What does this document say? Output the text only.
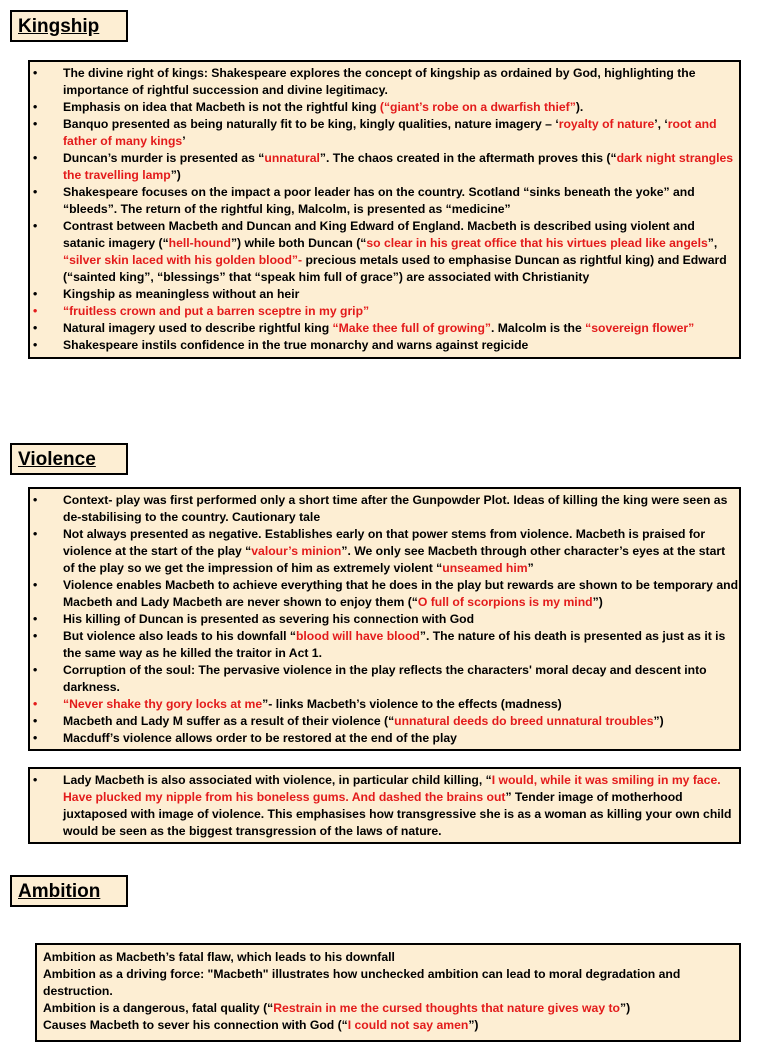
Kingship
• The divine right of kings: Shakespeare explores the concept of kingship as ordained by God, highlighting the importance of rightful succession and divine legitimacy.
• Emphasis on idea that Macbeth is not the rightful king (“giant’s robe on a dwarfish thief”).
• Banquo presented as being naturally fit to be king, kingly qualities, nature imagery – ‘royalty of nature’, ‘root and father of many kings’
• Duncan’s murder is presented as “unnatural”. The chaos created in the aftermath proves this (“dark night strangles the travelling lamp”)
• Shakespeare focuses on the impact a poor leader has on the country. Scotland “sinks beneath the yoke” and “bleeds”. The return of the rightful king, Malcolm, is presented as “medicine”
• Contrast between Macbeth and Duncan and King Edward of England. Macbeth is described using violent and satanic imagery (“hell-hound”) while both Duncan (“so clear in his great office that his virtues plead like angels”, “silver skin laced with his golden blood”- precious metals used to emphasise Duncan as rightful king) and Edward (“sainted king”, “blessings” that “speak him full of grace”) are associated with Christianity
• Kingship as meaningless without an heir
• “fruitless crown and put a barren sceptre in my grip”
• Natural imagery used to describe rightful king “Make thee full of growing”. Malcolm is the “sovereign flower”
• Shakespeare instils confidence in the true monarchy and warns against regicide
Violence
• Context- play was first performed only a short time after the Gunpowder Plot. Ideas of killing the king were seen as de-stabilising to the country. Cautionary tale
• Not always presented as negative. Establishes early on that power stems from violence. Macbeth is praised for violence at the start of the play “valour’s minion”. We only see Macbeth through other character’s eyes at the start of the play so we get the impression of him as extremely violent “unseamed him”
• Violence enables Macbeth to achieve everything that he does in the play but rewards are shown to be temporary and Macbeth and Lady Macbeth are never shown to enjoy them (“O full of scorpions is my mind”)
• His killing of Duncan is presented as severing his connection with God
• But violence also leads to his downfall “blood will have blood”. The nature of his death is presented as just as it is the same way as he killed the traitor in Act 1.
• Corruption of the soul: The pervasive violence in the play reflects the characters' moral decay and descent into darkness.
• “Never shake thy gory locks at me”- links Macbeth’s violence to the effects (madness)
• Macbeth and Lady M suffer as a result of their violence (“unnatural deeds do breed unnatural troubles”)
• Macduff’s violence allows order to be restored at the end of the play
• Lady Macbeth is also associated with violence, in particular child killing, “I would, while it was smiling in my face. Have plucked my nipple from his boneless gums. And dashed the brains out” Tender image of motherhood juxtaposed with image of violence. This emphasises how transgressive she is as a woman as killing your own child would be seen as the biggest transgression of the laws of nature.
Ambition
Ambition as Macbeth’s fatal flaw, which leads to his downfall
Ambition as a driving force: "Macbeth" illustrates how unchecked ambition can lead to moral degradation and destruction.
Ambition is a dangerous, fatal quality (“Restrain in me the cursed thoughts that nature gives way to”)
Causes Macbeth to sever his connection with God (“I could not say amen”)
